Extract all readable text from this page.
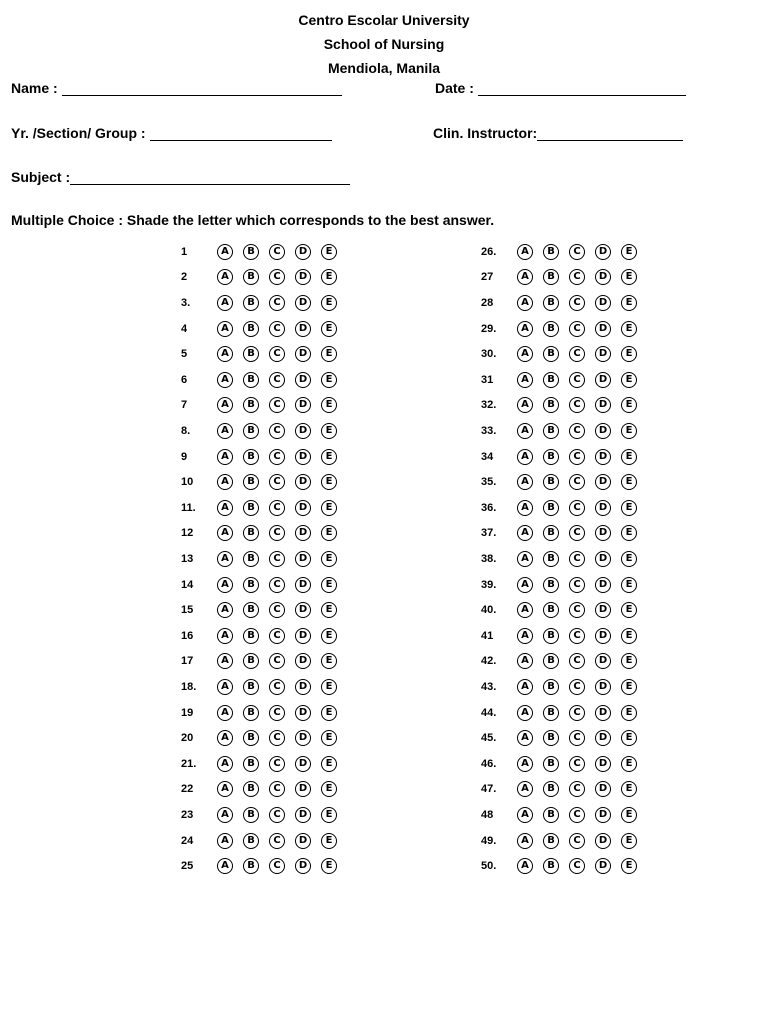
Centro Escolar University
School of Nursing
Mendiola, Manila
Name :	Date :
Yr. /Section/ Group :	Clin. Instructor:
Subject :
Multiple Choice : Shade the letter which corresponds to the best answer.
1	A	B	C	D	E
2	A	B	C	D	E
3.	A	B	C	D	E
4	A	B	C	D	E
5	A	B	C	D	E
6	A	B	C	D	E
7	A	B	C	D	E
8.	A	B	C	D	E
9	A	B	C	D	E
10	A	B	C	D	E
11.	A	B	C	D	E
12	A	B	C	D	E
13	A	B	C	D	E
14	A	B	C	D	E
15	A	B	C	D	E
16	A	B	C	D	E
17	A	B	C	D	E
18.	A	B	C	D	E
19	A	B	C	D	E
20	A	B	C	D	E
21.	A	B	C	D	E
22	A	B	C	D	E
23	A	B	C	D	E
24	A	B	C	D	E
25	A	B	C	D	E
26.	A	B	C	D	E
27	A	B	C	D	E
28	A	B	C	D	E
29.	A	B	C	D	E
30.	A	B	C	D	E
31	A	B	C	D	E
32.	A	B	C	D	E
33.	A	B	C	D	E
34	A	B	C	D	E
35.	A	B	C	D	E
36.	A	B	C	D	E
37.	A	B	C	D	E
38.	A	B	C	D	E
39.	A	B	C	D	E
40.	A	B	C	D	E
41	A	B	C	D	E
42.	A	B	C	D	E
43.	A	B	C	D	E
44.	A	B	C	D	E
45.	A	B	C	D	E
46.	A	B	C	D	E
47.	A	B	C	D	E
48	A	B	C	D	E
49.	A	B	C	D	E
50.	A	B	C	D	E
